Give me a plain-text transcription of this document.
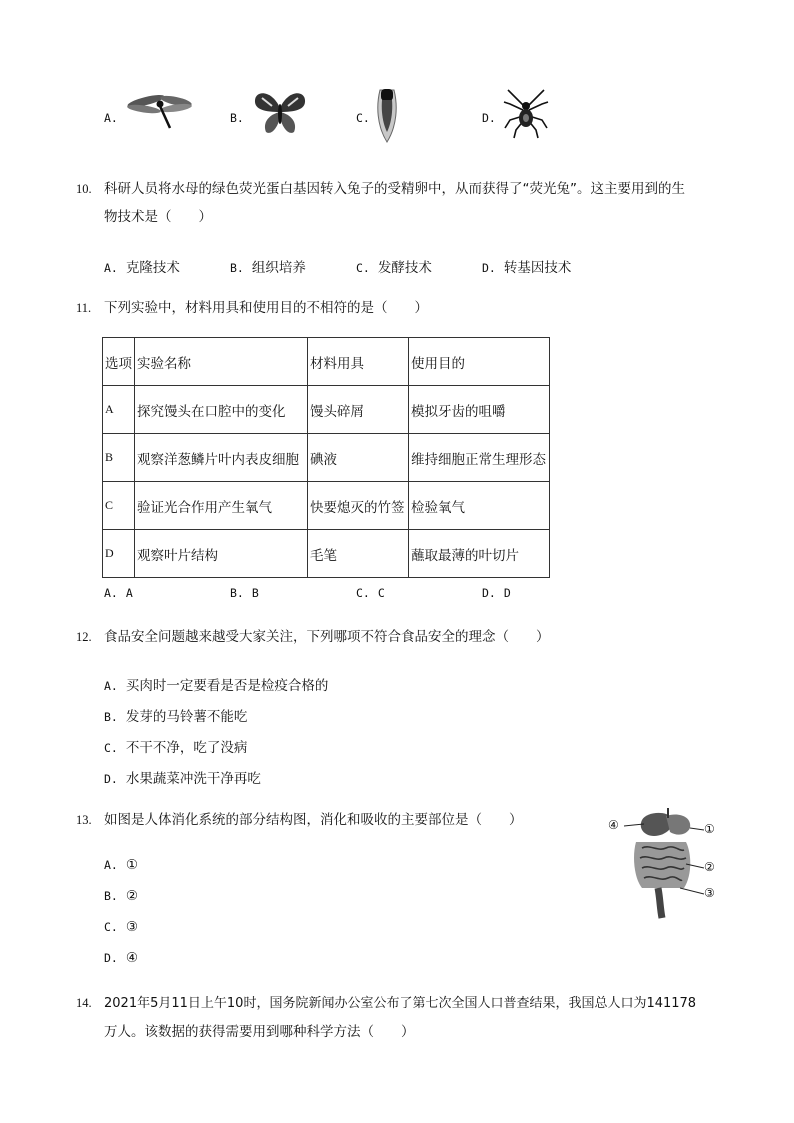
A.	B.	C.	D.
10. 科研人员将水母的绿色荧光蛋白基因转入兔子的受精卵中，从而获得了“荧光兔”。这主要用到的生
物技术是（　　）
A. 克隆技术	B. 组织培养	C. 发酵技术	D. 转基因技术
11. 下列实验中，材料用具和使用目的不相符的是（　　）
选项	实验名称	材料用具	使用目的
A	探究馒头在口腔中的变化	馒头碎屑	模拟牙齿的咀嚼
B	观察洋葱鳞片叶内表皮细胞	碘液	维持细胞正常生理形态
C	验证光合作用产生氧气	快要熄灭的竹签	检验氧气
D	观察叶片结构	毛笔	蘸取最薄的叶切片
A. A	B. B	C. C	D. D
12. 食品安全问题越来越受大家关注，下列哪项不符合食品安全的理念（　　）
A. 买肉时一定要看是否是检疫合格的
B. 发芽的马铃薯不能吃
C. 不干不净，吃了没病
D. 水果蔬菜冲洗干净再吃
13. 如图是人体消化系统的部分结构图，消化和吸收的主要部位是（　　）
A. ①
B. ②
C. ③
D. ④
④	①
②
③
14. 2021年5月11日上午10时，国务院新闻办公室公布了第七次全国人口普查结果，我国总人口为141178
万人。该数据的获得需要用到哪种科学方法（　　）
